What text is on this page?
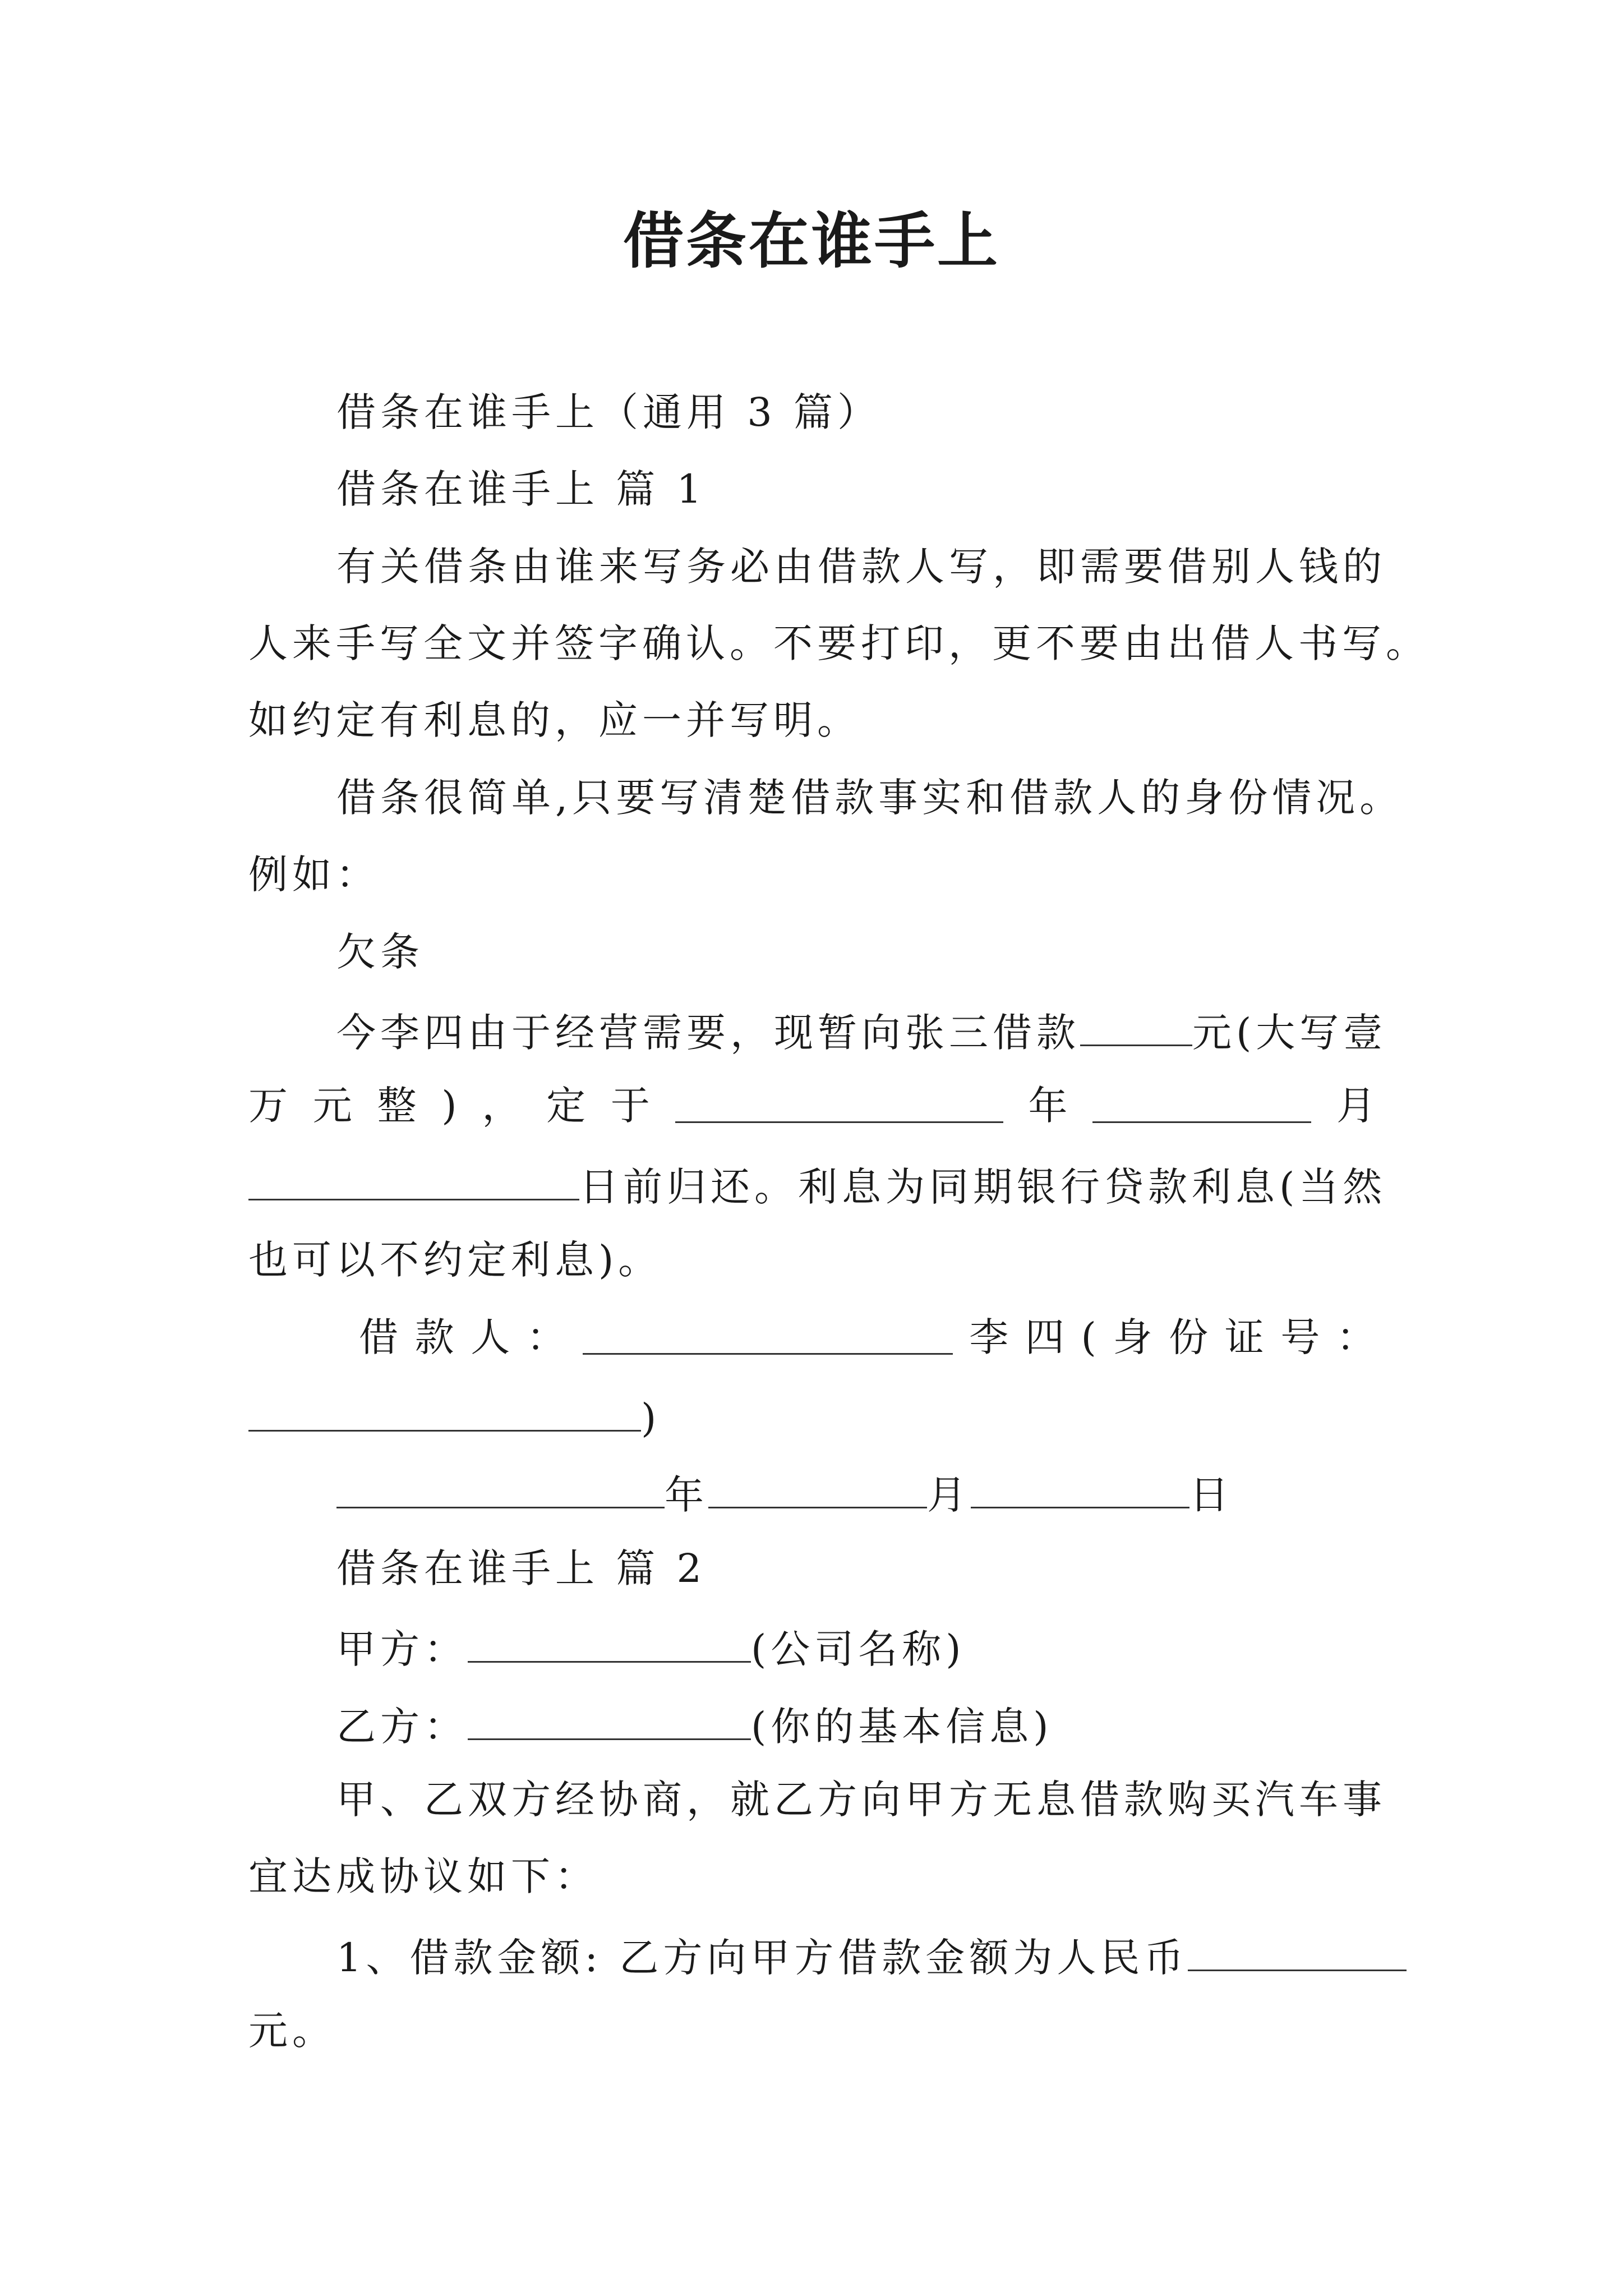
借条在谁手上
借条在谁手上（通用 3 篇）
借条在谁手上 篇 1
有关借条由谁来写务必由借款人写，即需要借别人钱的
人来手写全文并签字确认。不要打印，更不要由出借人书写。
如约定有利息的，应一并写明。
借条很简单,只要写清楚借款事实和借款人的身份情况。
例如：
欠条
今李四由于经营需要，现暂向张三借款	元(大写壹
万 元 整 ) ， 定 于	年	月
日前归还。利息为同期银行贷款利息(当然
也可以不约定利息)。
借 款 人 ：	李 四 ( 身 份 证 号 ：
)
年	月	日
借条在谁手上 篇 2
甲方：	(公司名称)
乙方：	(你的基本信息)
甲、乙双方经协商，就乙方向甲方无息借款购买汽车事
宜达成协议如下：
1、借款金额: 乙方向甲方借款金额为人民币
元。
